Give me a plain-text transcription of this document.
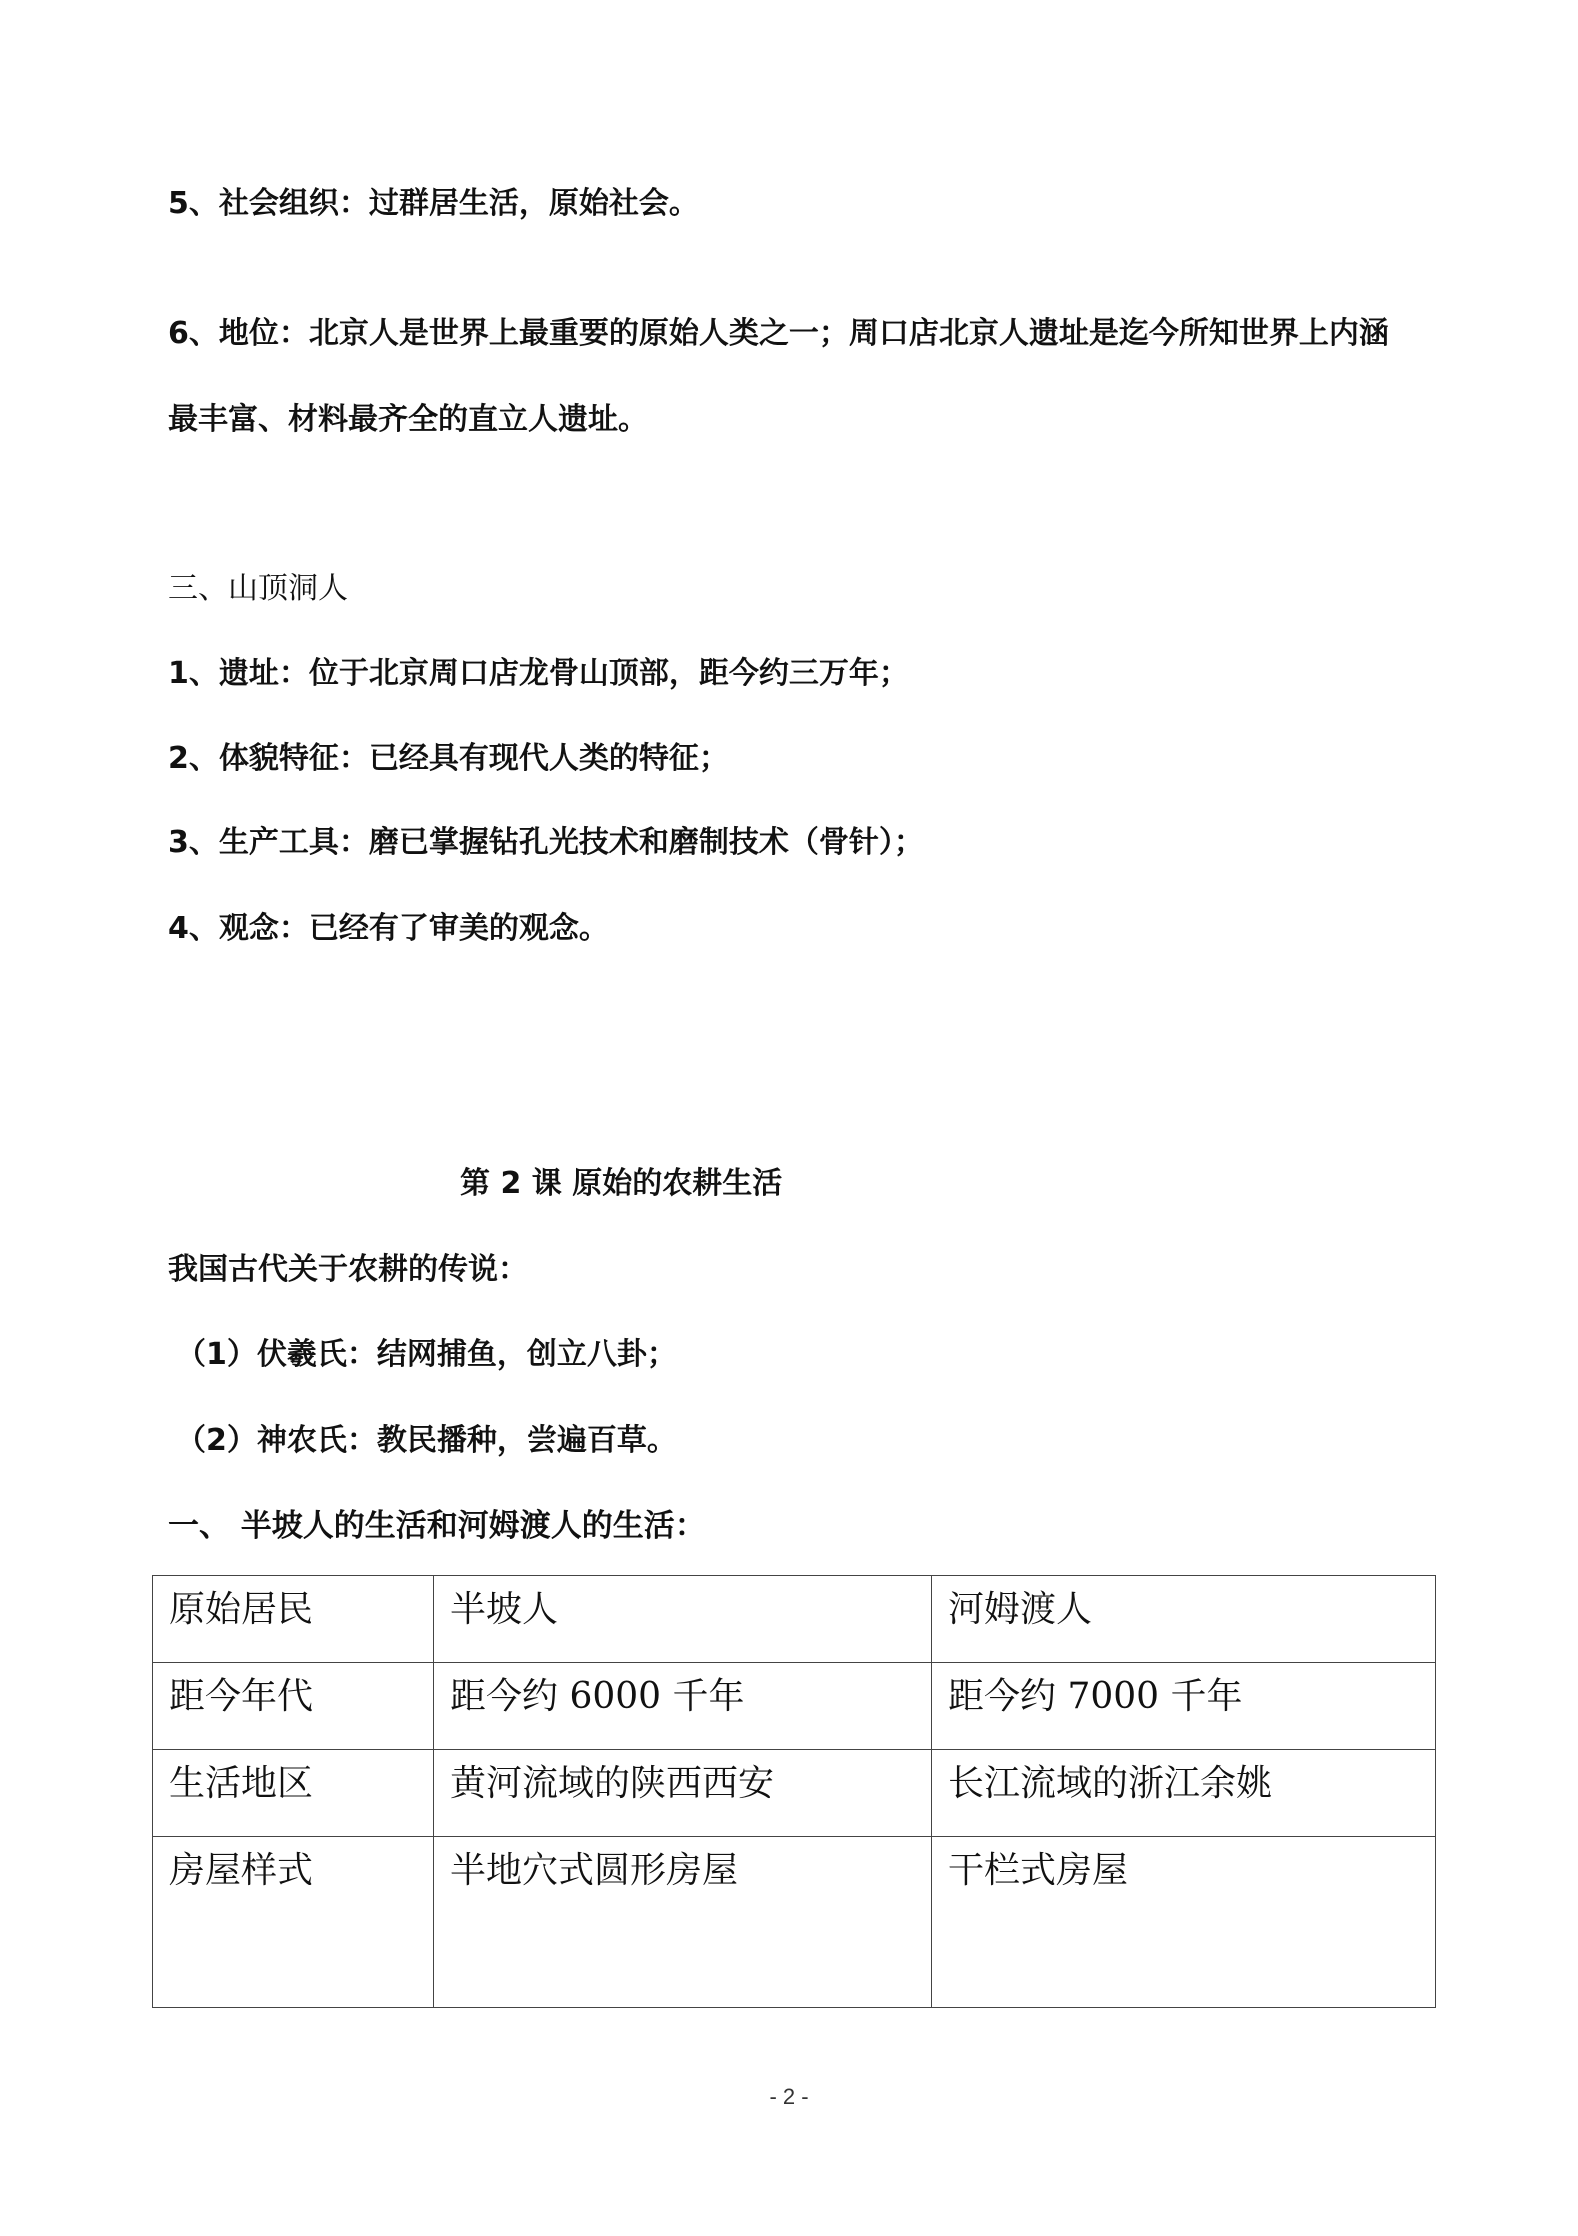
5、社会组织：过群居生活，原始社会。

6、地位：北京人是世界上最重要的原始人类之一；周口店北京人遗址是迄今所知世界上内涵

最丰富、材料最齐全的直立人遗址。

三、山顶洞人

1、遗址：位于北京周口店龙骨山顶部，距今约三万年；

2、体貌特征：已经具有现代人类的特征；

3、生产工具：磨已掌握钻孔光技术和磨制技术（骨针）；

4、观念：已经有了审美的观念。

第 2 课 原始的农耕生活

我国古代关于农耕的传说：

（1）伏羲氏：结网捕鱼，创立八卦；

（2）神农氏：教民播种，尝遍百草。

一、 半坡人的生活和河姆渡人的生活：

原始居民	半坡人	河姆渡人
距今年代	距今约 6000 千年	距今约 7000 千年
生活地区	黄河流域的陕西西安	长江流域的浙江余姚
房屋样式	半地穴式圆形房屋	干栏式房屋
- 2 -
